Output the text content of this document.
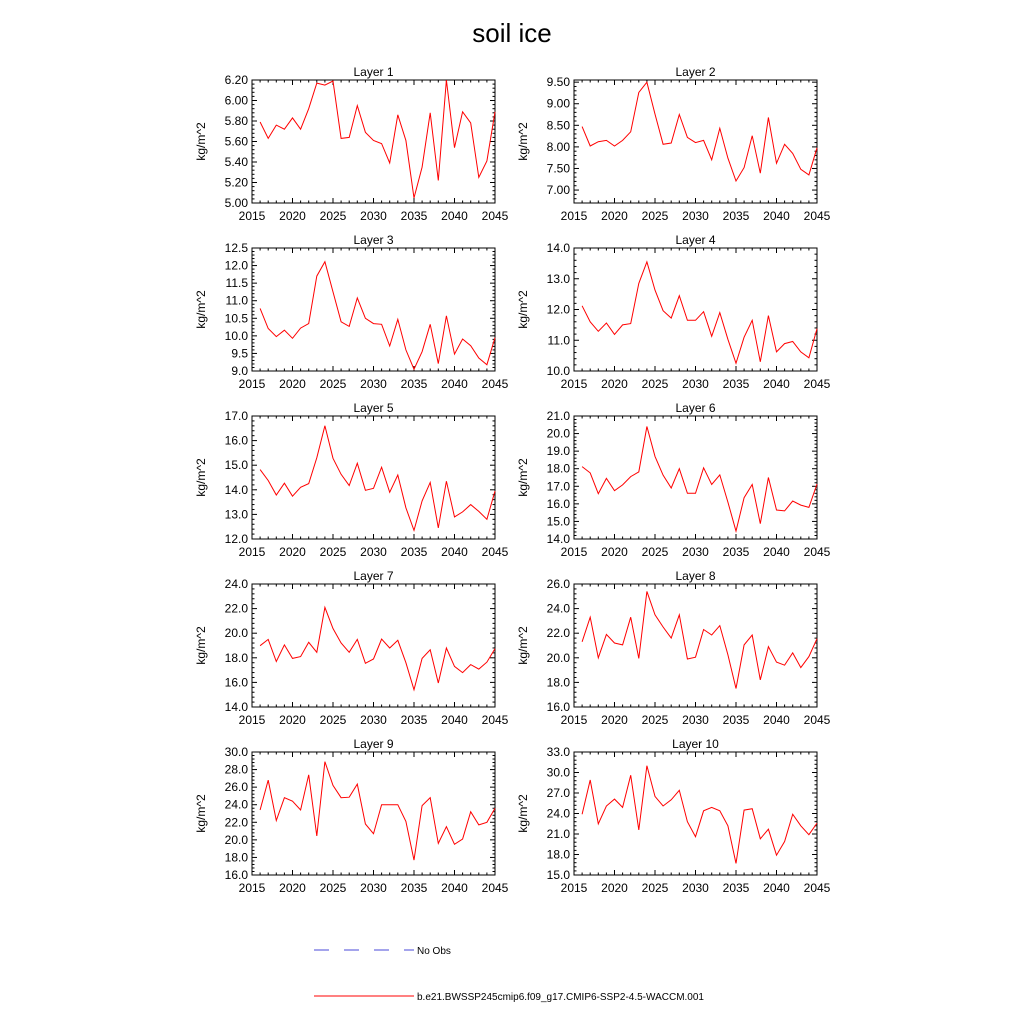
soil ice
Layer 1
kg/m^2
2015 2020 2025 2030 2035 2040 2045
5.00
5.20
5.40
5.60
5.80
6.00
6.20
Layer 2
kg/m^2
2015 2020 2025 2030 2035 2040 2045
7.00
7.50
8.00
8.50
9.00
9.50
Layer 3
kg/m^2
2015 2020 2025 2030 2035 2040 2045
9.0
9.5
10.0
10.5
11.0
11.5
12.0
12.5
Layer 4
kg/m^2
2015 2020 2025 2030 2035 2040 2045
10.0
11.0
12.0
13.0
14.0
Layer 5
kg/m^2
2015 2020 2025 2030 2035 2040 2045
12.0
13.0
14.0
15.0
16.0
17.0
Layer 6
kg/m^2
2015 2020 2025 2030 2035 2040 2045
14.0
15.0
16.0
17.0
18.0
19.0
20.0
21.0
Layer 7
kg/m^2
2015 2020 2025 2030 2035 2040 2045
14.0
16.0
18.0
20.0
22.0
24.0
Layer 8
kg/m^2
2015 2020 2025 2030 2035 2040 2045
16.0
18.0
20.0
22.0
24.0
26.0
Layer 9
kg/m^2
2015 2020 2025 2030 2035 2040 2045
16.0
18.0
20.0
22.0
24.0
26.0
28.0
30.0
Layer 10
kg/m^2
2015 2020 2025 2030 2035 2040 2045
15.0
18.0
21.0
24.0
27.0
30.0
33.0
No Obs
b.e21.BWSSP245cmip6.f09_g17.CMIP6-SSP2-4.5-WACCM.001
